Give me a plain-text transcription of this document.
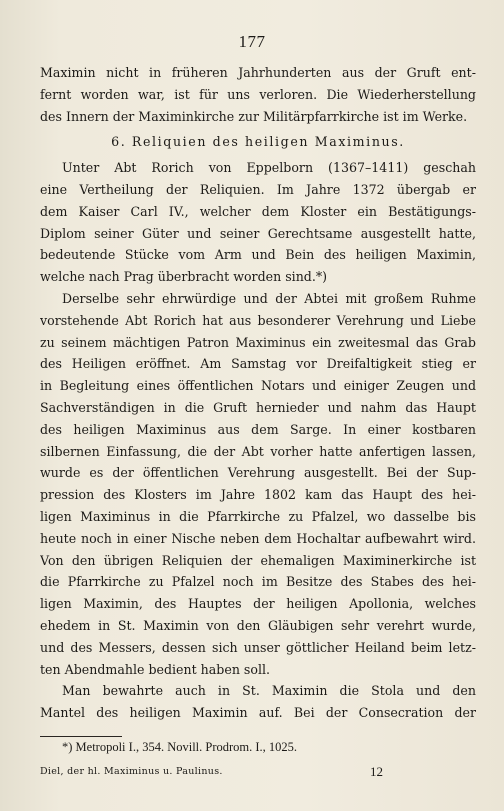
177
Maximin nicht in früheren Jahrhunderten aus der Gruft ent-
fernt worden war, ist für uns verloren. Die Wiederherstellung
des Innern der Maximinkirche zur Militärpfarrkirche ist im Werke.
6. Reliquien des heiligen Maximinus.
Unter Abt Rorich von Eppelborn (1367–1411) geschah
eine Vertheilung der Reliquien. Im Jahre 1372 übergab er
dem Kaiser Carl IV., welcher dem Kloster ein Bestätigungs-
Diplom seiner Güter und seiner Gerechtsame ausgestellt hatte,
bedeutende Stücke vom Arm und Bein des heiligen Maximin,
welche nach Prag überbracht worden sind.*)
Derselbe sehr ehrwürdige und der Abtei mit großem Ruhme
vorstehende Abt Rorich hat aus besonderer Verehrung und Liebe
zu seinem mächtigen Patron Maximinus ein zweitesmal das Grab
des Heiligen eröffnet. Am Samstag vor Dreifaltigkeit stieg er
in Begleitung eines öffentlichen Notars und einiger Zeugen und
Sachverständigen in die Gruft hernieder und nahm das Haupt
des heiligen Maximinus aus dem Sarge. In einer kostbaren
silbernen Einfassung, die der Abt vorher hatte anfertigen lassen,
wurde es der öffentlichen Verehrung ausgestellt. Bei der Sup-
pression des Klosters im Jahre 1802 kam das Haupt des hei-
ligen Maximinus in die Pfarrkirche zu Pfalzel, wo dasselbe bis
heute noch in einer Nische neben dem Hochaltar aufbewahrt wird.
Von den übrigen Reliquien der ehemaligen Maximinerkirche ist
die Pfarrkirche zu Pfalzel noch im Besitze des Stabes des hei-
ligen Maximin, des Hauptes der heiligen Apollonia, welches
ehedem in St. Maximin von den Gläubigen sehr verehrt wurde,
und des Messers, dessen sich unser göttlicher Heiland beim letz-
ten Abendmahle bedient haben soll.
Man bewahrte auch in St. Maximin die Stola und den
Mantel des heiligen Maximin auf. Bei der Consecration der
*) Metropoli I., 354. Novill. Prodrom. I., 1025.
Diel, der hl. Maximinus u. Paulinus.	12
